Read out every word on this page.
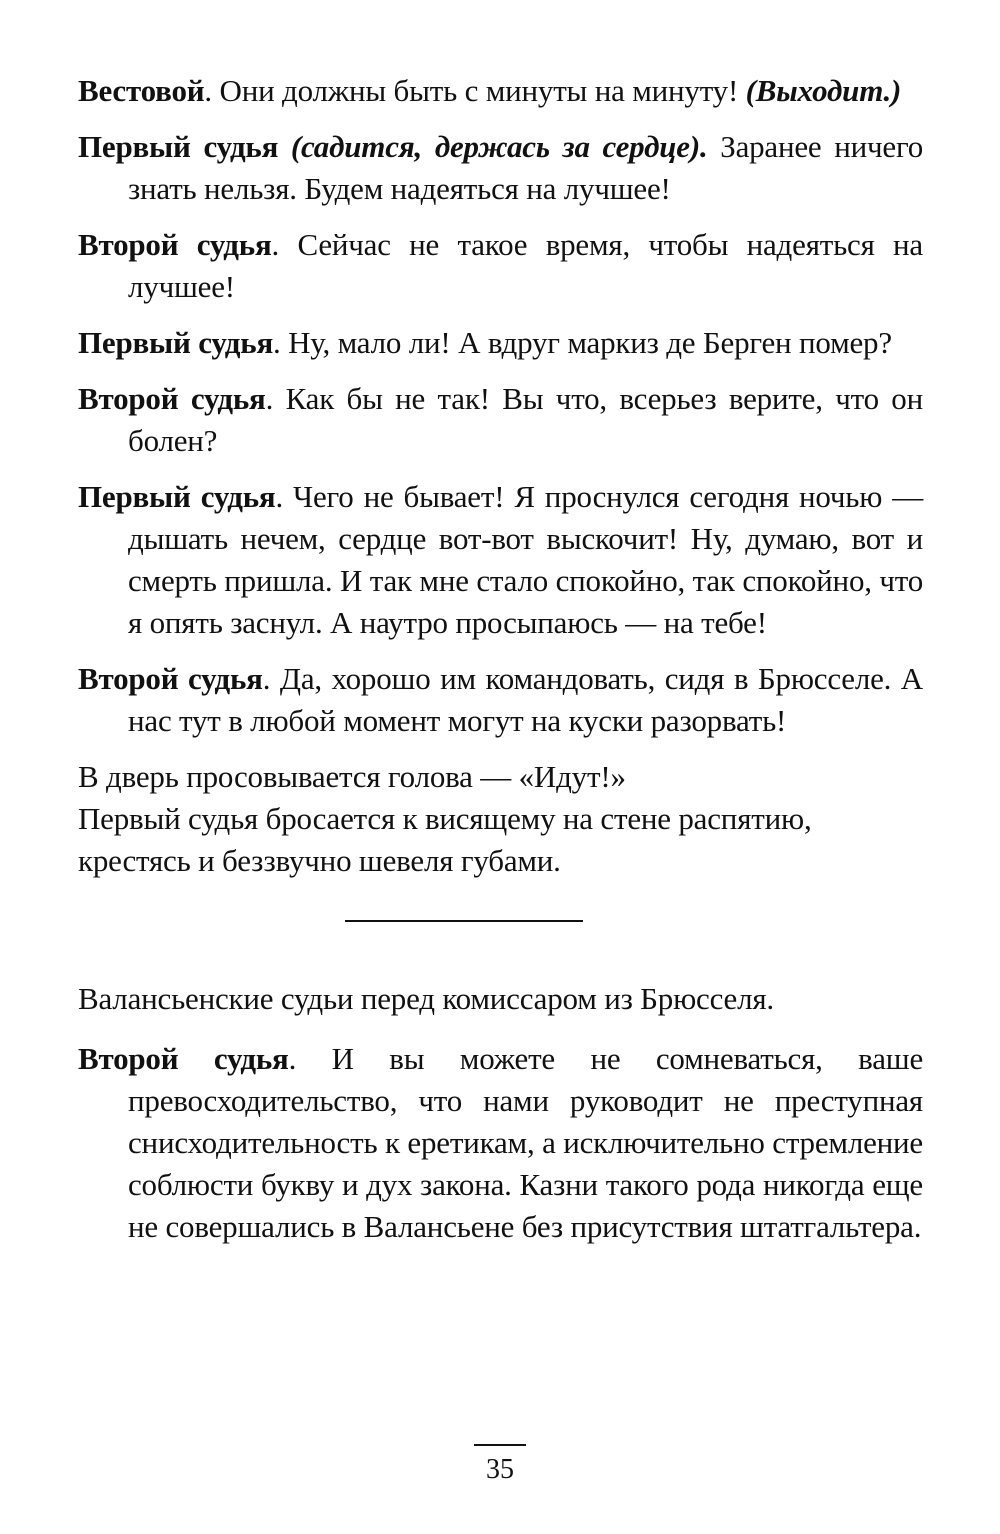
Вестовой. Они должны быть с минуты на минуту! (Выходит.)

Первый судья (садится, держась за сердце). Заранее ничего знать нельзя. Будем надеяться на лучшее!

Второй судья. Сейчас не такое время, чтобы надеяться на лучшее!

Первый судья. Ну, мало ли! А вдруг маркиз де Берген помер?

Второй судья. Как бы не так! Вы что, всерьез верите, что он болен?

Первый судья. Чего не бывает! Я проснулся сегодня ночью — дышать нечем, сердце вот-вот выскочит! Ну, думаю, вот и смерть пришла. И так мне стало спокойно, так спокойно, что я опять заснул. А наутро просыпаюсь — на тебе!

Второй судья. Да, хорошо им командовать, сидя в Брюсселе. А нас тут в любой момент могут на куски разорвать!

В дверь просовывается голова — «Идут!»

Первый судья бросается к висящему на стене распятию, крестясь и беззвучно шевеля губами.

Валансьенские судьи перед комиссаром из Брюсселя.

Второй судья. И вы можете не сомневаться, ваше превосходительство, что нами руководит не преступная снисходительность к еретикам, а исключительно стремление соблюсти букву и дух закона. Казни такого рода никогда еще не совершались в Валансьене без присутствия штатгальтера.

35
